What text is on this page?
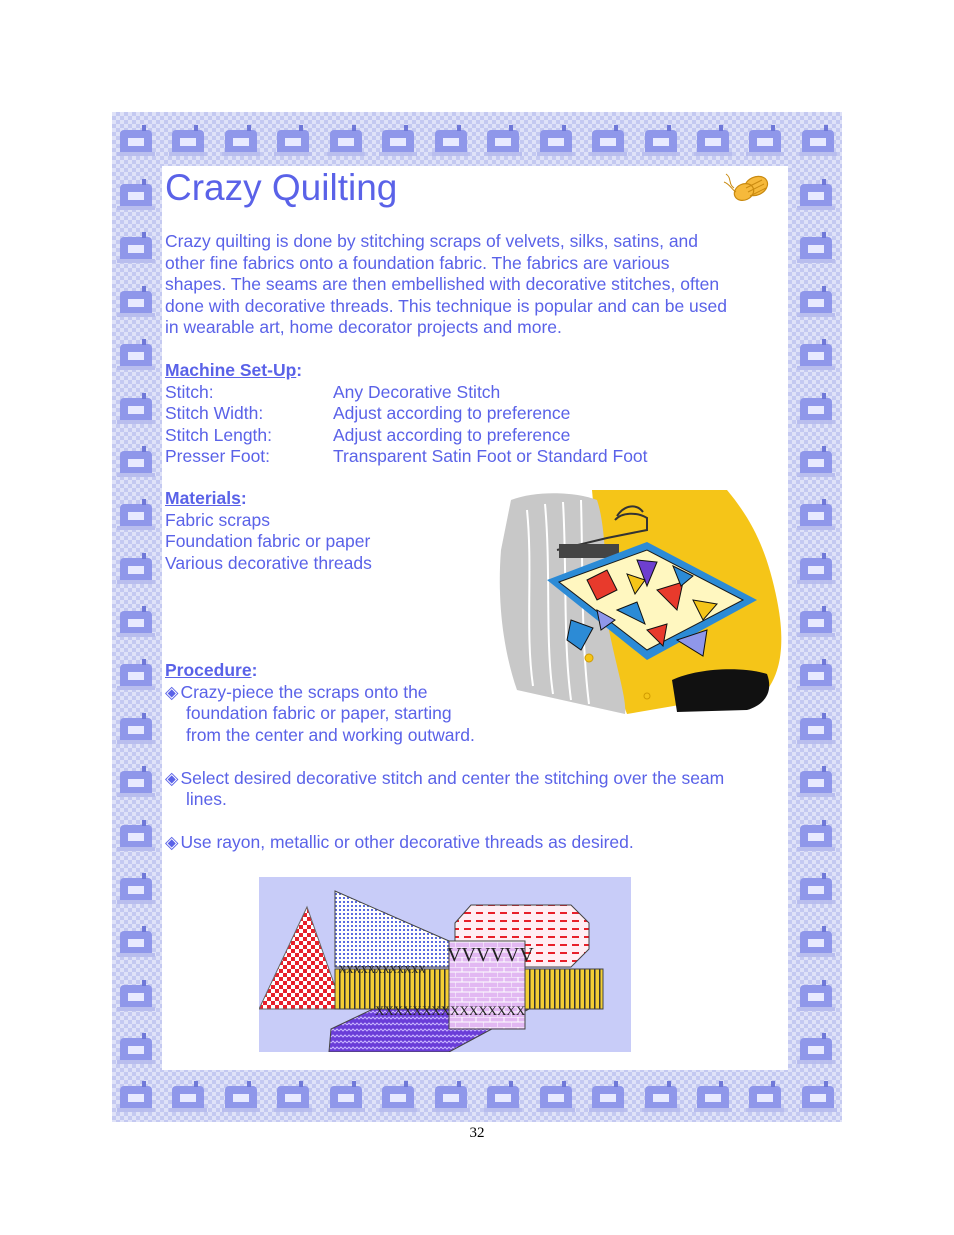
Crazy Quilting
Crazy quilting is done by stitching scraps of velvets, silks, satins, and
other fine fabrics onto a foundation fabric. The fabrics are various
shapes. The seams are then embellished with decorative stitches, often
done with decorative threads. This technique is popular and can be used
in wearable art, home decorator projects and more.
Machine Set-Up:
Stitch:	Any Decorative Stitch
Stitch Width:	Adjust according to preference
Stitch Length:	Adjust according to preference
Presser Foot:	Transparent Satin Foot or Standard Foot
Materials:
Fabric scraps
Foundation fabric or paper
Various decorative threads
Procedure:
◈ Crazy-piece the scraps onto the
foundation fabric or paper, starting
from the center and working outward.
◈ Select desired decorative stitch and center the stitching over the seam
lines.
◈ Use rayon, metallic or other decorative threads as desired.
VVVVVV
XXXXXXXXXXXX
XXXXXXXXXXXXXXXX
32
